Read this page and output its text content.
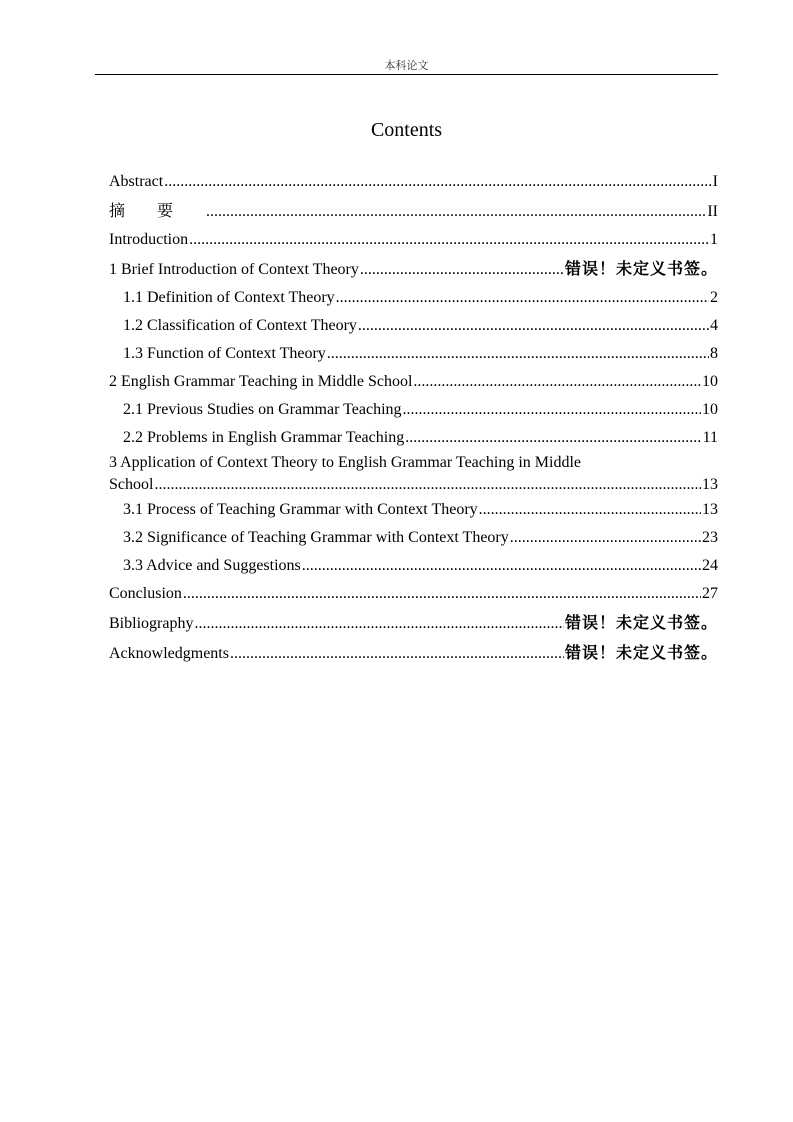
本科论文
Contents
Abstract .....	I
摘要 .....	II
Introduction .....	1
1 Brief Introduction of Context Theory .....	错误！未定义书签。
1.1 Definition of Context Theory .....	2
1.2 Classification of Context Theory .....	4
1.3 Function of Context Theory .....	8
2 English Grammar Teaching in Middle School .....	10
2.1 Previous Studies on Grammar Teaching .....	10
2.2 Problems in English Grammar Teaching .....	11
3 Application of Context Theory to English Grammar Teaching in Middle
School .....	13
3.1 Process of Teaching Grammar with Context Theory .....	13
3.2 Significance of Teaching Grammar with Context Theory .....	23
3.3 Advice and Suggestions .....	24
Conclusion .....	27
Bibliography .....	错误！未定义书签。
Acknowledgments .....	错误！未定义书签。
